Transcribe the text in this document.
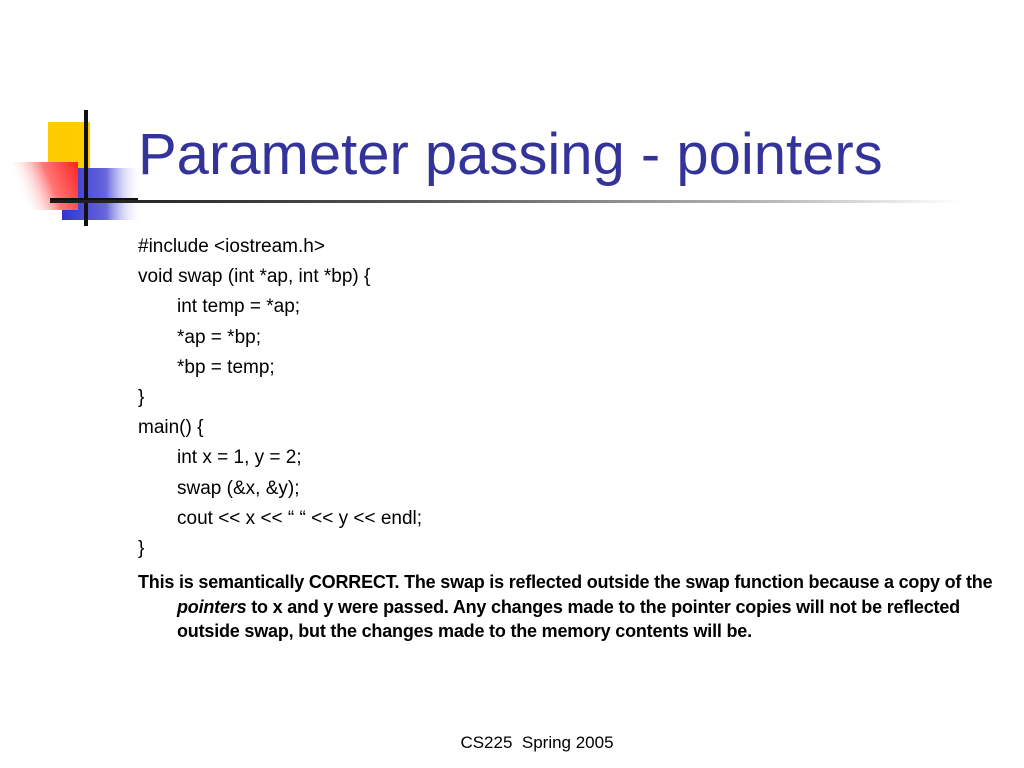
Parameter passing - pointers
#include <iostream.h>
void swap (int *ap, int *bp) {
int temp = *ap;
*ap = *bp;
*bp = temp;
}
main() {
int x = 1, y = 2;
swap (&x, &y);
cout << x << “ “ << y << endl;
}
This is semantically CORRECT. The swap is reflected outside the swap function because a copy of the pointers to x and y were passed. Any changes made to the pointer copies will not be reflected outside swap, but the changes made to the memory contents will be.
CS225  Spring 2005
